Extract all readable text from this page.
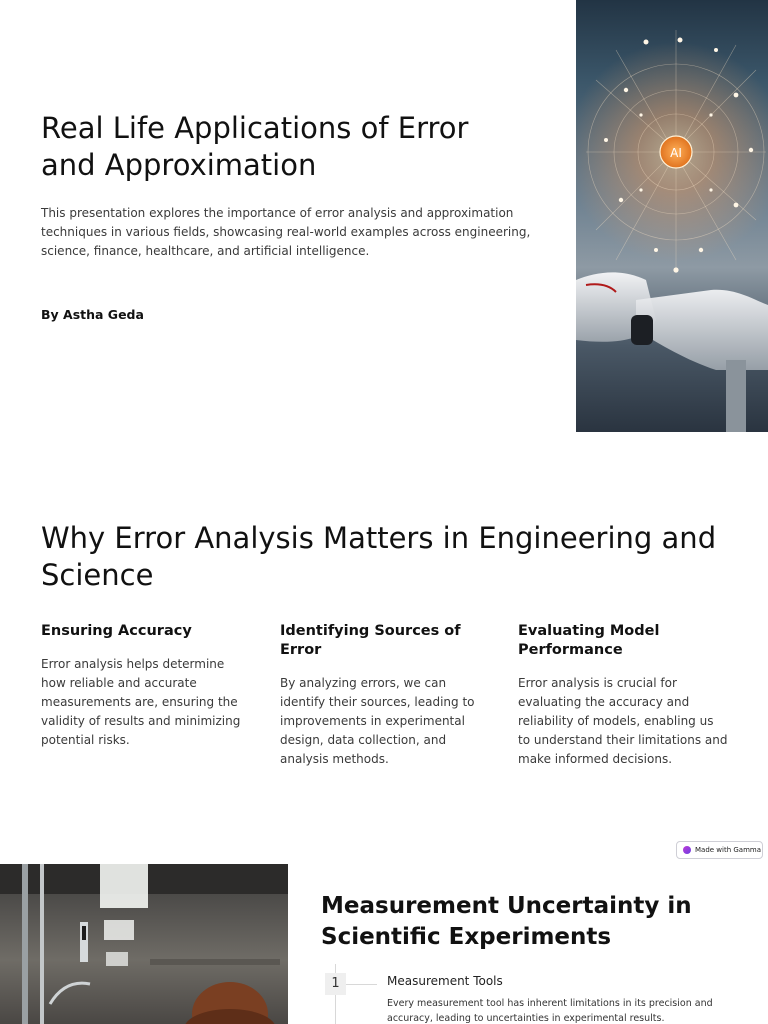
Real Life Applications of Error and Approximation

This presentation explores the importance of error analysis and approximation techniques in various fields, showcasing real-world examples across engineering, science, finance, healthcare, and artificial intelligence.

By Astha Geda

AI
Why Error Analysis Matters in Engineering and Science
Ensuring Accuracy

Error analysis helps determine how reliable and accurate measurements are, ensuring the validity of results and minimizing potential risks.

Identifying Sources of Error

By analyzing errors, we can identify their sources, leading to improvements in experimental design, data collection, and analysis methods.

Evaluating Model Performance

Error analysis is crucial for evaluating the accuracy and reliability of models, enabling us to understand their limitations and make informed decisions.

Made with Gamma
Measurement Uncertainty in Scientific Experiments
1	Measurement Tools

Every measurement tool has inherent limitations in its precision and accuracy, leading to uncertainties in experimental results.
